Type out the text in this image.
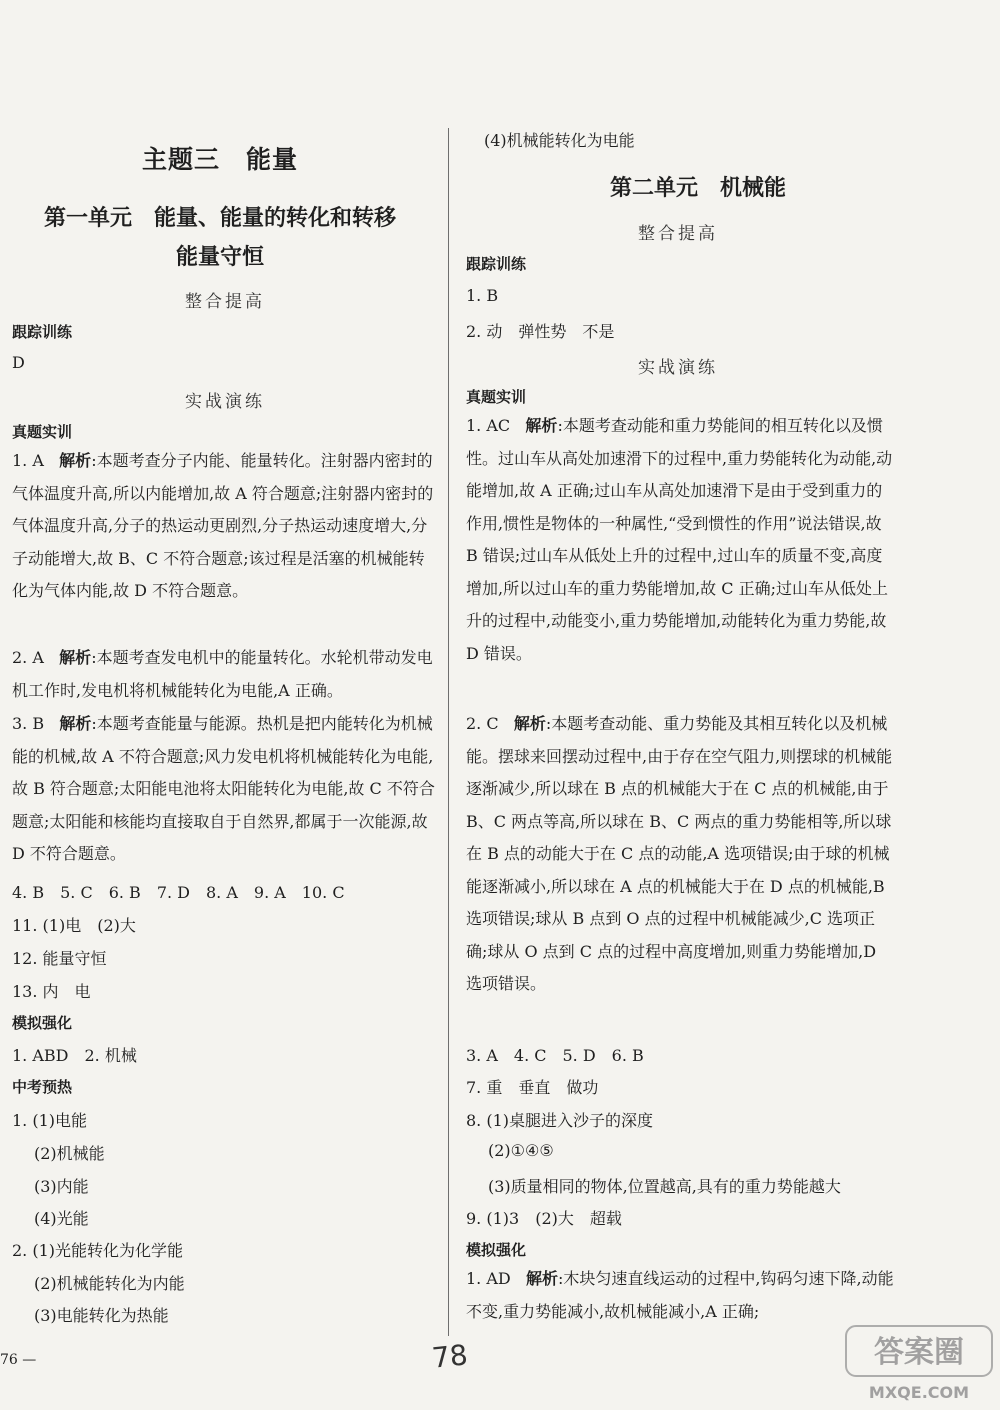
主题三　能量
第一单元　能量、能量的转化和转移
能量守恒
整合提高
跟踪训练
D
实战演练
真题实训
1. A 解析:本题考查分子内能、能量转化。注射器内密封的气体温度升高,所以内能增加,故 A 符合题意;注射器内密封的气体温度升高,分子的热运动更剧烈,分子热运动速度增大,分子动能增大,故 B、C 不符合题意;该过程是活塞的机械能转化为气体内能,故 D 不符合题意。
2. A 解析:本题考查发电机中的能量转化。水轮机带动发电机工作时,发电机将机械能转化为电能,A 正确。
3. B 解析:本题考查能量与能源。热机是把内能转化为机械能的机械,故 A 不符合题意;风力发电机将机械能转化为电能,故 B 符合题意;太阳能电池将太阳能转化为电能,故 C 不符合题意;太阳能和核能均直接取自于自然界,都属于一次能源,故 D 不符合题意。
4. B　5. C　6. B　7. D　8. A　9. A　10. C
11. (1)电　(2)大
12. 能量守恒
13. 内　电
模拟强化
1. ABD　2. 机械
中考预热
1. (1)电能
(2)机械能
(3)内能
(4)光能
2. (1)光能转化为化学能
(2)机械能转化为内能
(3)电能转化为热能
76 —
(4)机械能转化为电能
第二单元　机械能
整合提高
跟踪训练
1. B
2. 动　弹性势　不是
实战演练
真题实训
1. AC 解析:本题考查动能和重力势能间的相互转化以及惯性。过山车从高处加速滑下的过程中,重力势能转化为动能,动能增加,故 A 正确;过山车从高处加速滑下是由于受到重力的作用,惯性是物体的一种属性,“受到惯性的作用”说法错误,故 B 错误;过山车从低处上升的过程中,过山车的质量不变,高度增加,所以过山车的重力势能增加,故 C 正确;过山车从低处上升的过程中,动能变小,重力势能增加,动能转化为重力势能,故 D 错误。
2. C 解析:本题考查动能、重力势能及其相互转化以及机械能。摆球来回摆动过程中,由于存在空气阻力,则摆球的机械能逐渐减少,所以球在 B 点的机械能大于在 C 点的机械能,由于 B、C 两点等高,所以球在 B、C 两点的重力势能相等,所以球在 B 点的动能大于在 C 点的动能,A 选项错误;由于球的机械能逐渐减小,所以球在 A 点的机械能大于在 D 点的机械能,B 选项错误;球从 B 点到 O 点的过程中机械能减少,C 选项正确;球从 O 点到 C 点的过程中高度增加,则重力势能增加,D 选项错误。
3. A　4. C　5. D　6. B
7. 重　垂直　做功
8. (1)桌腿进入沙子的深度
(2)①④⑤
(3)质量相同的物体,位置越高,具有的重力势能越大
9. (1)3　(2)大　超载
模拟强化
1. AD 解析:木块匀速直线运动的过程中,钩码匀速下降,动能不变,重力势能减小,故机械能减小,A 正确;
78	答案圈
MXQE.COM
